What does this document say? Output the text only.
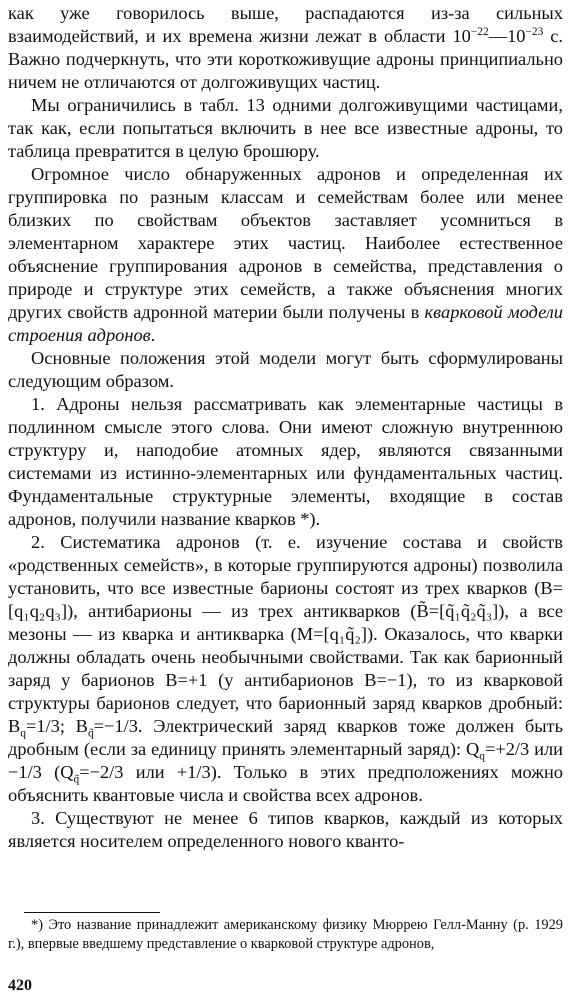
как уже говорилось выше, распадаются из-за сильных взаимодействий, и их времена жизни лежат в области $10^{-22}—10^{-23}$ с. Важно подчеркнуть, что эти короткоживущие адроны принципиально ничем не отличаются от долгоживущих частиц.

Мы ограничились в табл. 13 одними долгоживущими частицами, так как, если попытаться включить в нее все известные адроны, то таблица превратится в целую брошюру.

Огромное число обнаруженных адронов и определенная их группировка по разным классам и семействам более или менее близких по свойствам объектов заставляет усомниться в элементарном характере этих частиц. Наиболее естественное объяснение группирования адронов в семейства, представления о природе и структуре этих семейств, а также объяснения многих других свойств адронной материи были получены в кварковой модели строения адронов.

Основные положения этой модели могут быть сформулированы следующим образом.

1. Адроны нельзя рассматривать как элементарные частицы в подлинном смысле этого слова. Они имеют сложную внутреннюю структуру и, наподобие атомных ядер, являются связанными системами из истинно-элементарных или фундаментальных частиц. Фундаментальные структурные элементы, входящие в состав адронов, получили название кварков *).

2. Систематика адронов (т. е. изучение состава и свойств «родственных семейств», в которые группируются адроны) позволила установить, что все известные барионы состоят из трех кварков (B=[q₁q₂q₃]), антибарионы — из трех антикварков (B̃=[q̃₁q̃₂q̃₃]), а все мезоны — из кварка и антикварка (M=[q₁q̃₂]). Оказалось, что кварки должны обладать очень необычными свойствами. Так как барионный заряд у барионов B=+1 (у антибарионов B=−1), то из кварковой структуры барионов следует, что барионный заряд кварков дробный: $B_q=1/3$; $B_{q̃}=-1/3$. Электрический заряд кварков тоже должен быть дробным (если за единицу принять элементарный заряд): $Q_q=+2/3$ или −1/3 ($Q_{q̃}=-2/3$ или +1/3). Только в этих предположениях можно объяснить квантовые числа и свойства всех адронов.

3. Существуют не менее 6 типов кварков, каждый из которых является носителем определенного нового кванто-

*) Это название принадлежит американскому физику Мюррею Гелл-Манну (р. 1929 г.), впервые введшему представление о кварковой структуре адронов,

420
